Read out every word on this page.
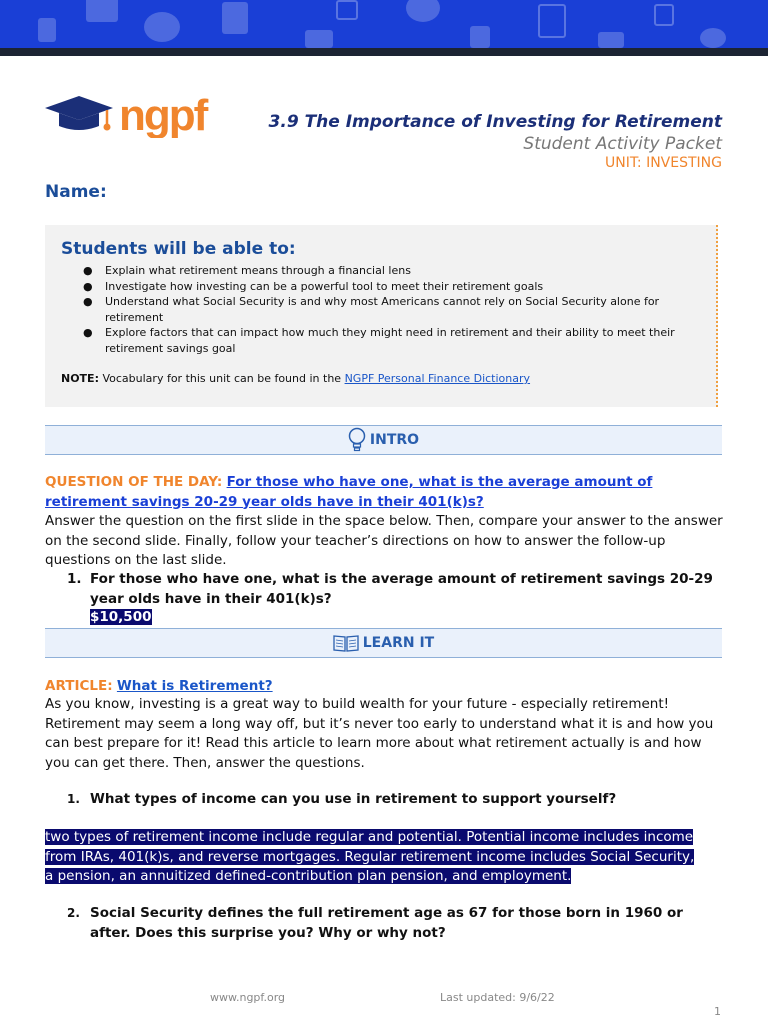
ngpf	3.9 The Importance of Investing for Retirement
Student Activity Packet
UNIT: INVESTING
Name:
Students will be able to:
● Explain what retirement means through a financial lens
● Investigate how investing can be a powerful tool to meet their retirement goals
● Understand what Social Security is and why most Americans cannot rely on Social Security alone for retirement
● Explore factors that can impact how much they might need in retirement and their ability to meet their retirement savings goal
NOTE: Vocabulary for this unit can be found in the NGPF Personal Finance Dictionary
INTRO
QUESTION OF THE DAY: For those who have one, what is the average amount of retirement savings 20-29 year olds have in their 401(k)s?
Answer the question on the first slide in the space below. Then, compare your answer to the answer on the second slide. Finally, follow your teacher’s directions on how to answer the follow-up questions on the last slide.
1. For those who have one, what is the average amount of retirement savings 20-29 year olds have in their 401(k)s?
$10,500
LEARN IT
ARTICLE: What is Retirement?
As you know, investing is a great way to build wealth for your future - especially retirement! Retirement may seem a long way off, but it’s never too early to understand what it is and how you can best prepare for it! Read this article to learn more about what retirement actually is and how you can get there. Then, answer the questions.
1. What types of income can you use in retirement to support yourself?
two types of retirement income include regular and potential. Potential income includes income
from IRAs, 401(k)s, and reverse mortgages. Regular retirement income includes Social Security,
a pension, an annuitized defined-contribution plan pension, and employment.
2. Social Security defines the full retirement age as 67 for those born in 1960 or after. Does this surprise you? Why or why not?
www.ngpf.org	Last updated: 9/6/22
1
